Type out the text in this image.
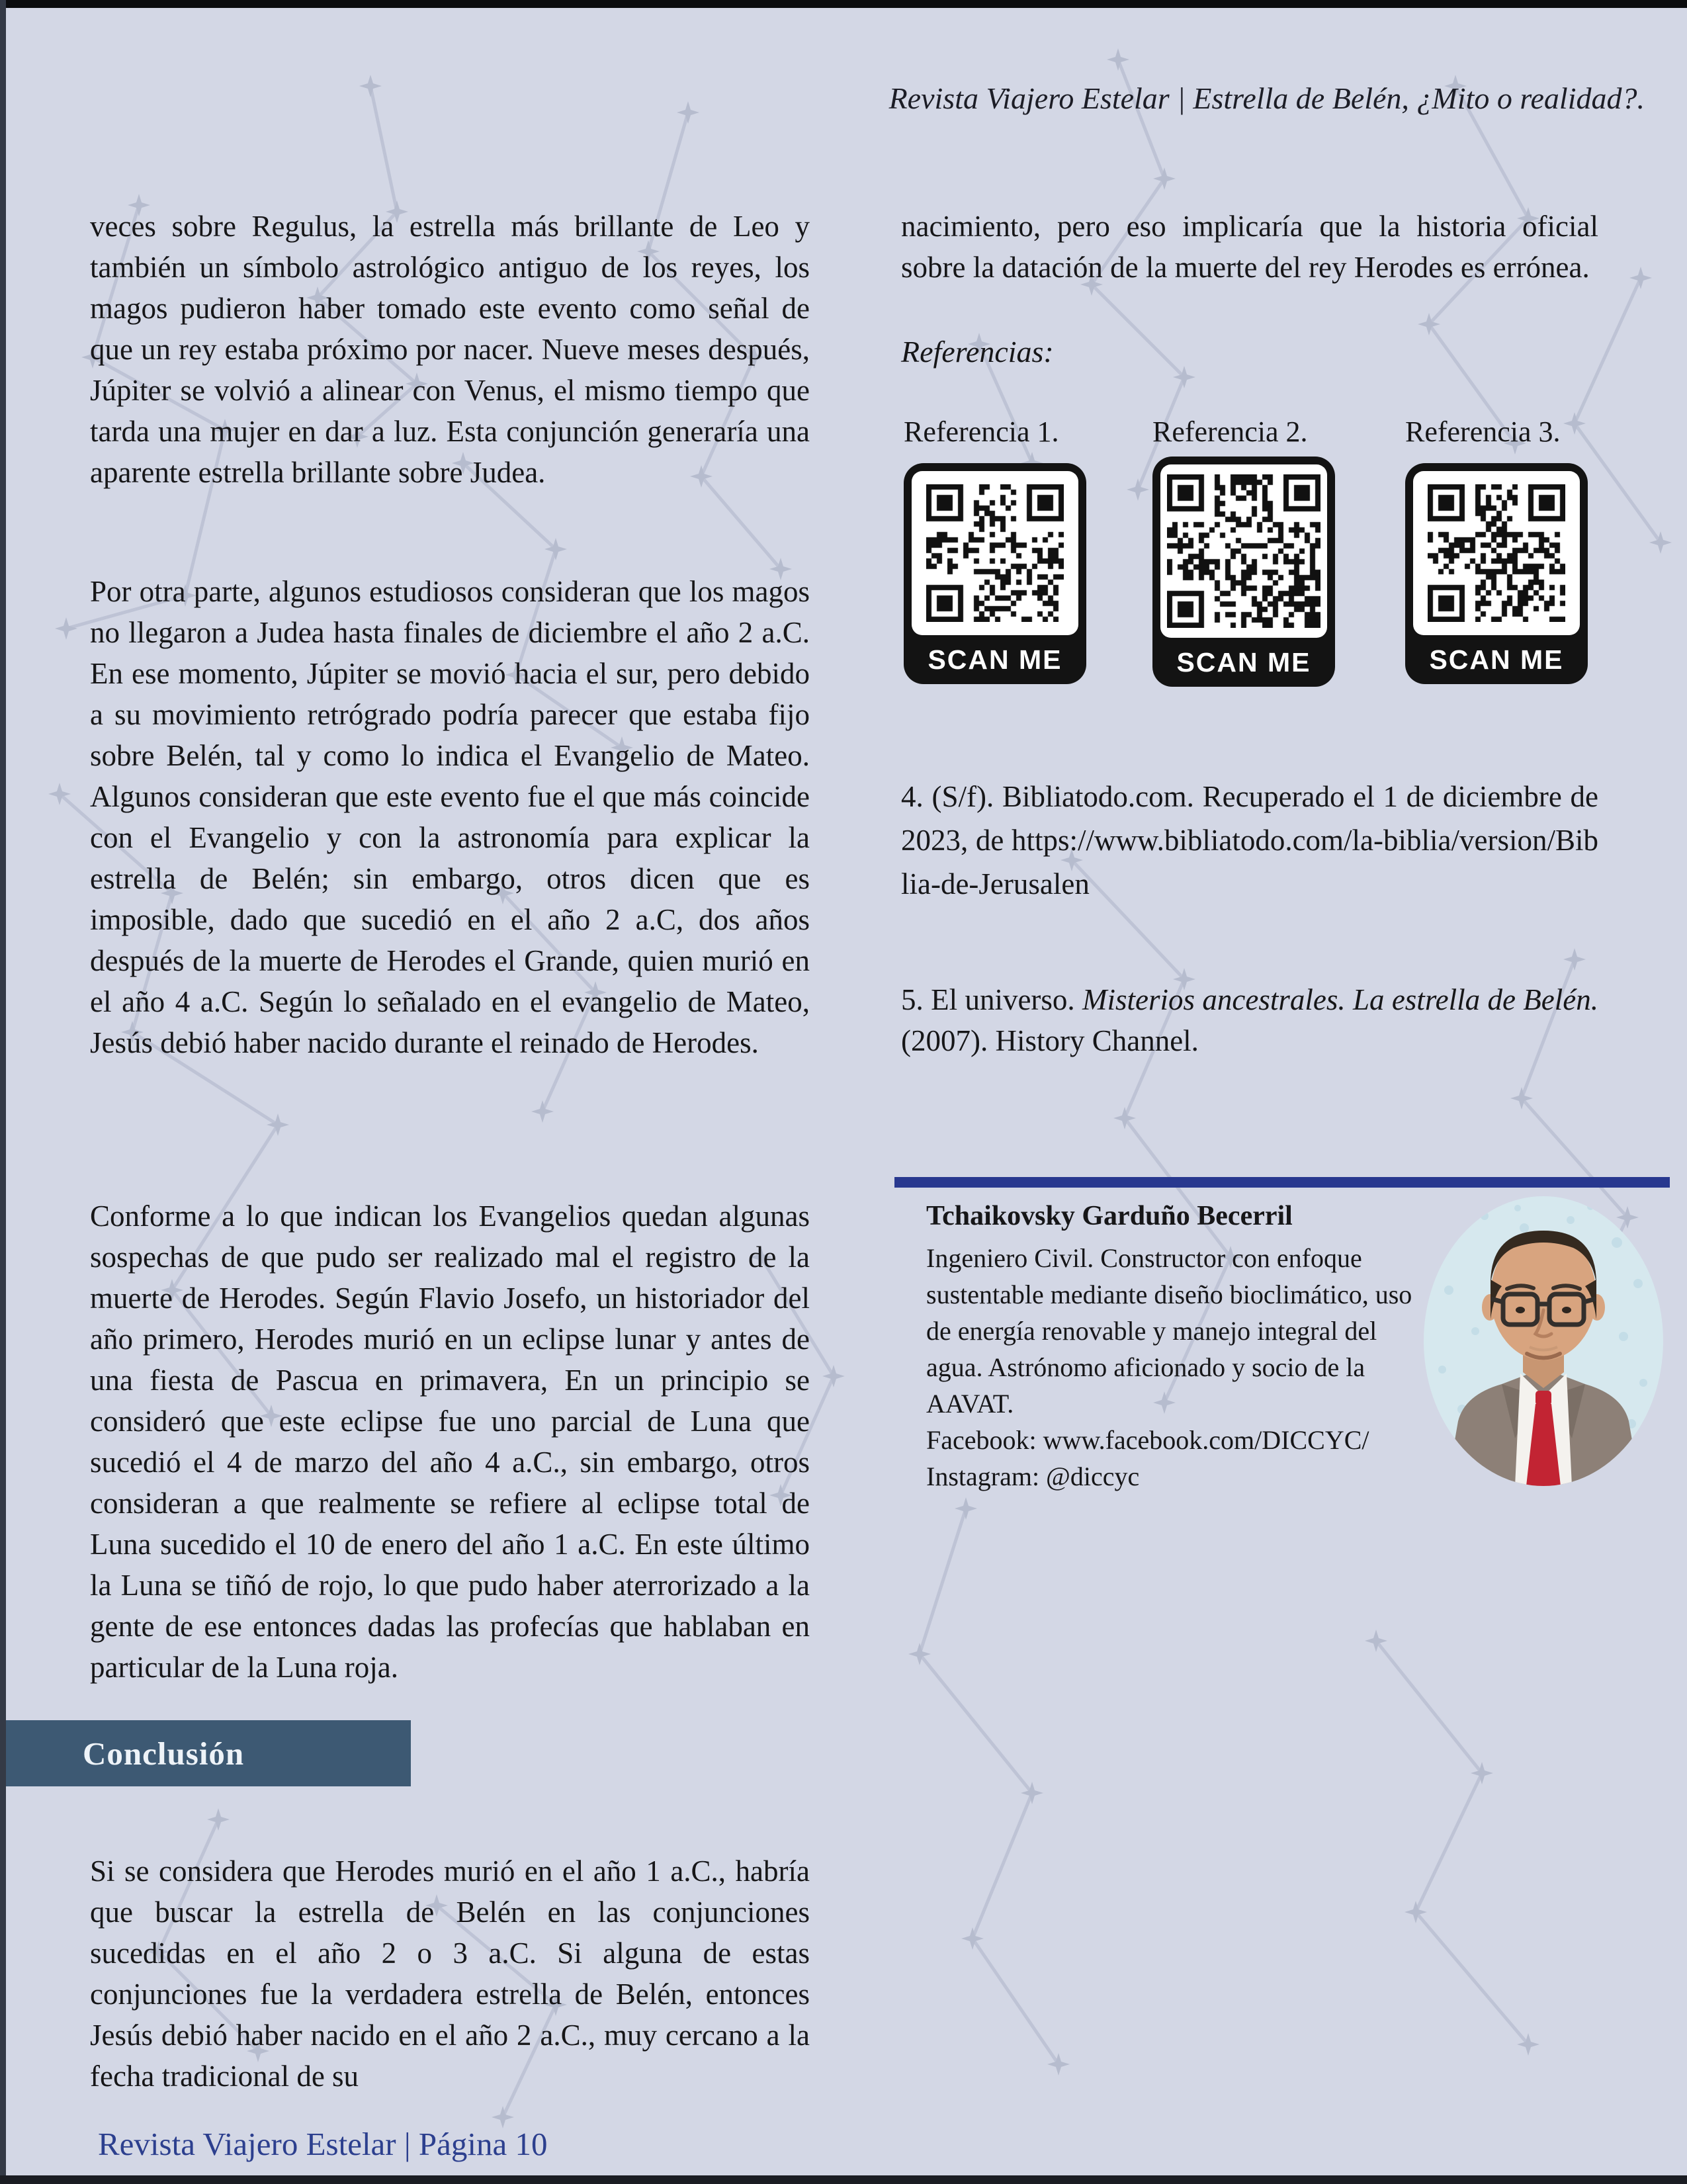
Revista Viajero Estelar | Estrella de Belén, ¿Mito o realidad?.

veces sobre Regulus, la estrella más brillante de Leo y también un símbolo astrológico antiguo de los reyes, los magos pudieron haber tomado este evento como señal de que un rey estaba próximo por nacer. Nueve meses después, Júpiter se volvió a alinear con Venus, el mismo tiempo que tarda una mujer en dar a luz. Esta conjunción generaría una aparente estrella brillante sobre Judea.

Por otra parte, algunos estudiosos consideran que los magos no llegaron a Judea hasta finales de diciembre el año 2 a.C. En ese momento, Júpiter se movió hacia el sur, pero debido a su movimiento retrógrado podría parecer que estaba fijo sobre Belén, tal y como lo indica el Evangelio de Mateo. Algunos consideran que este evento fue el que más coincide con el Evangelio y con la astronomía para explicar la estrella de Belén; sin embargo, otros dicen que es imposible, dado que sucedió en el año 2 a.C, dos años después de la muerte de Herodes el Grande, quien murió en el año 4 a.C. Según lo señalado en el evangelio de Mateo, Jesús debió haber nacido durante el reinado de Herodes.

Conforme a lo que indican los Evangelios quedan algunas sospechas de que pudo ser realizado mal el registro de la muerte de Herodes. Según Flavio Josefo, un historiador del año primero, Herodes murió en un eclipse lunar y antes de una fiesta de Pascua en primavera, En un principio se consideró que este eclipse fue uno parcial de Luna que sucedió el 4 de marzo del año 4 a.C., sin embargo, otros consideran a que realmente se refiere al eclipse total de Luna sucedido el 10 de enero del año 1 a.C. En este último la Luna se tiñó de rojo, lo que pudo haber aterrorizado a la gente de ese entonces dadas las profecías que hablaban en particular de la Luna roja.

Conclusión

Si se considera que Herodes murió en el año 1 a.C., habría que buscar la estrella de Belén en las conjunciones sucedidas en el año 2 o 3 a.C. Si alguna de estas conjunciones fue la verdadera estrella de Belén, entonces Jesús debió haber nacido en el año 2 a.C., muy cercano a la fecha tradicional de su

nacimiento, pero eso implicaría que la historia oficial sobre la datación de la muerte del rey Herodes es errónea.

Referencias:
Referencia 1.
SCAN ME
Referencia 2.
SCAN ME
Referencia 3.
SCAN ME

4. (S/f). Bibliatodo.com. Recuperado el 1 de diciembre de 2023, de https://www.bibliatodo.com/la-biblia/version/Biblia-de-Jerusalen

5. El universo. Misterios ancestrales. La estrella de Belén. (2007). History Channel.

Tchaikovsky Garduño Becerril
Ingeniero Civil. Constructor con enfoque sustentable mediante diseño bioclimático, uso de energía renovable y manejo integral del agua. Astrónomo aficionado y socio de la AAVAT.
Facebook: www.facebook.com/DICCYC/
Instagram: @diccyc
Revista Viajero Estelar | Página 10
